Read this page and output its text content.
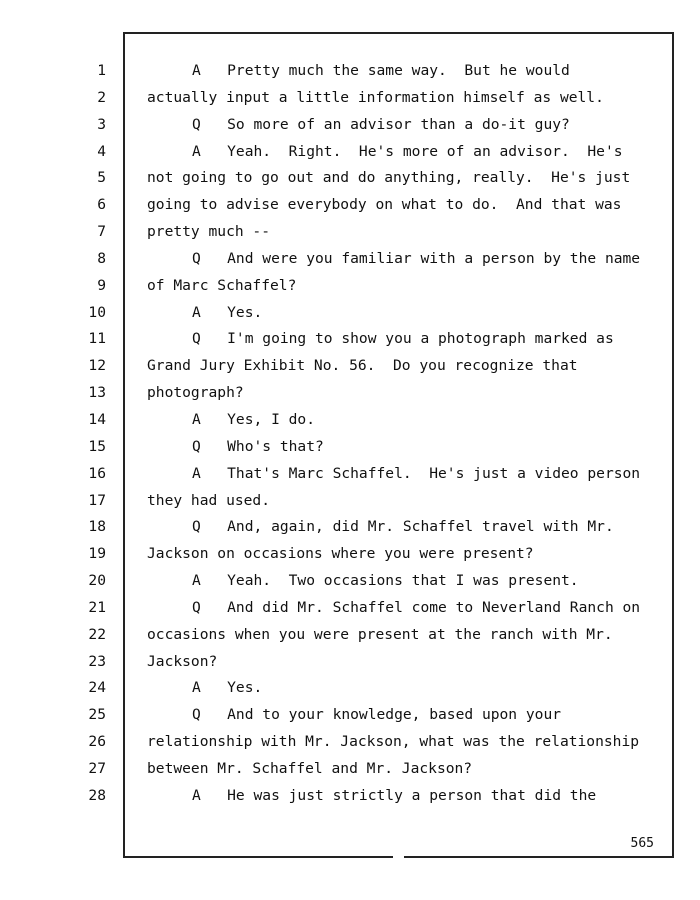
1	A   Pretty much the same way.  But he would
2	actually input a little information himself as well.
3	Q   So more of an advisor than a do-it guy?
4	A   Yeah.  Right.  He's more of an advisor.  He's
5	not going to go out and do anything, really.  He's just
6	going to advise everybody on what to do.  And that was
7	pretty much --
8	Q   And were you familiar with a person by the name
9	of Marc Schaffel?
10	A   Yes.
11	Q   I'm going to show you a photograph marked as
12	Grand Jury Exhibit No. 56.  Do you recognize that
13	photograph?
14	A   Yes, I do.
15	Q   Who's that?
16	A   That's Marc Schaffel.  He's just a video person
17	they had used.
18	Q   And, again, did Mr. Schaffel travel with Mr.
19	Jackson on occasions where you were present?
20	A   Yeah.  Two occasions that I was present.
21	Q   And did Mr. Schaffel come to Neverland Ranch on
22	occasions when you were present at the ranch with Mr.
23	Jackson?
24	A   Yes.
25	Q   And to your knowledge, based upon your
26	relationship with Mr. Jackson, what was the relationship
27	between Mr. Schaffel and Mr. Jackson?
28	A   He was just strictly a person that did the
565
